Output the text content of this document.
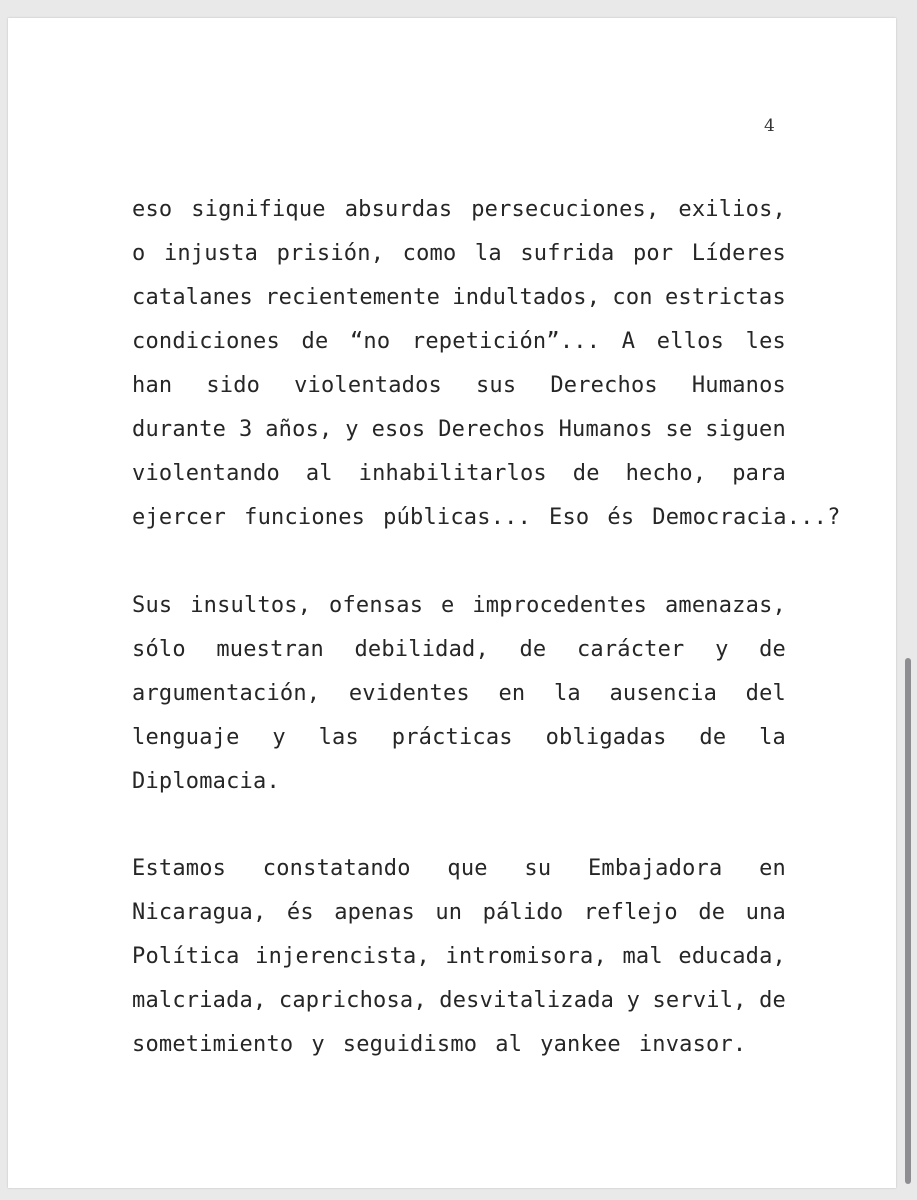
4
eso signifique absurdas persecuciones, exilios,
o injusta prisión, como la sufrida por Líderes
catalanes recientemente indultados, con estrictas
condiciones de “no repetición”... A ellos les
han sido violentados sus Derechos Humanos
durante 3 años, y esos Derechos Humanos se siguen
violentando al inhabilitarlos de hecho, para
ejercer funciones públicas... Eso és Democracia...?
Sus insultos, ofensas e improcedentes amenazas,
sólo muestran debilidad, de carácter y de
argumentación, evidentes en la ausencia del
lenguaje y las prácticas obligadas de la
Diplomacia.
Estamos constatando que su Embajadora en
Nicaragua, és apenas un pálido reflejo de una
Política injerencista, intromisora, mal educada,
malcriada, caprichosa, desvitalizada y servil, de
sometimiento y seguidismo al yankee invasor.
